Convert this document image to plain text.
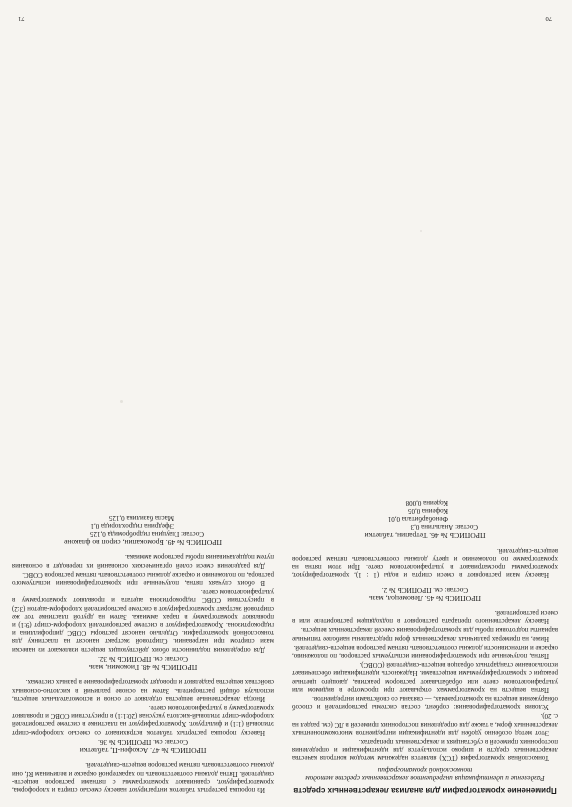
Применение хроматографии для анализа лекарственных средств
Разделение и идентификация ингредиентов лекарственных средств методом тонкослойной хроматографии

Тонкослойная хроматография (ТСХ) является надежным методом контроля качества лекарственных средств и широко используется для идентификации и определения посторонних примесей в субстанциях и лекарственных препаратах.

Этот метод особенно удобен для идентификации ингредиентов многокомпонентных лекарственных форм, а также для определения посторонних примесей в ЛС (см. раздел на с. 20).

Условия хроматографирования: сорбент, состав системы растворителей и способ обнаружения веществ на хроматограммах, — связаны со свойствами ингредиентов.

Пятна веществ на хроматограммах открывают при просмотре в видимом или ультрафиолетовом свете или обрабатывают раствором реактива, дающего цветные реакции с хроматографируемыми веществами. Надежность идентификации обеспечивает использование стандартных образцов веществ-свидетелей (СОВС).

Пятна, полученные при хроматографировании испытуемых растворов, по положению, окраске и интенсивности должны соответствовать пятнам растворов веществ-свидетелей.

Ниже, на примерах различных лекарственных форм представлены наиболее типичные варианты подготовки пробы для хроматографирования смесей лекарственных веществ.

Навеску лекарственного препарата растворяют в подходящем растворителе или в смеси растворителей.

ПРОПИСЬ № 45. Левомецол, мазь
Состав: см. ПРОПИСЬ № 2.

Навеску мази растворяют в смеси спирта и воды (1 : 1), хроматографируют, хроматограммы просматривают в ультрафиолетовом свете. При этом пятна на хроматограмме по положению и цвету должны соответствовать пятнам растворов веществ-свидетелей.

ПРОПИСЬ № 46. Тетрапин, таблетки
Состав: Анальгина 0,3
Фенобарбитала 0,01
Кофеина 0,05
Кодеина 0,008
70

Из порошка растертых таблеток интрагируют навеску смесью спирта и хлороформа, хроматографируют, сравнивают хроматограммы с пятнами растворов веществ-свидетелей. Пятна должны соответствовать по характерной окраске и величинам Rf, они должны соответствовать пятнам растворов веществ-свидетелей.

ПРОПИСЬ № 47. Аскофен-П, таблетки
Состав: см. ПРОПИСЬ № 36.

Навеску порошка растертых таблеток встряхивают со смесью хлороформ-спирт этиловый (1:1) и фильтруют. Хроматографируют на пластинке в системе растворителей хлороформ-спирт этиловый-кислота уксусная (20:1:1) в присутствии СОВС и проявляют хроматограмму в ультрафиолетовом свете.

Иногда лекарственные вещества отделяют от основ и вспомогательных веществ, используя общий растворитель. Затем на основе различий в кислотно-основных свойствах вещества разделяют и проводят хроматографирование в разных системах.

ПРОПИСЬ № 48. Гиокомин, мазь
Состав: см. ПРОПИСЬ № 32.

Для определения подлинности обоих действующих веществ извлекают из навески мази спиртом при нагревании. Спиртовой экстракт наносят на пластинку для тонкослойной хроматографии. Отдельно наносят растворы СОВС дипрофиллина и гидрокортизона. Хроматографируют в системе растворителей хлороформ-спирт (9:1) и проявляют хроматограмму в парах аммиака. Затем на другой пластинке тот же спиртовой экстракт хроматографируют в системе растворителей хлороформ-ацетон (3:2) в присутствии СОВС гидрокортизона ацетата и проявляют хроматограмму в ультрафиолетовом свете.

В обоих случаях пятна, полученные при хроматографировании испытуемого раствора, по положению и окраске должны соответствовать пятнам растворов СОВС.

Для разделения смеси солей органических оснований их переводят в основания путем подщелачивания пробы раствором аммиака.

ПРОПИСЬ № 49. Бромокапин, сироп во флаконе
Состав: Глауцина гидробромида 0,125
Эфедрина гидрохлорида 0,1
Масла базилика 0,125
71
